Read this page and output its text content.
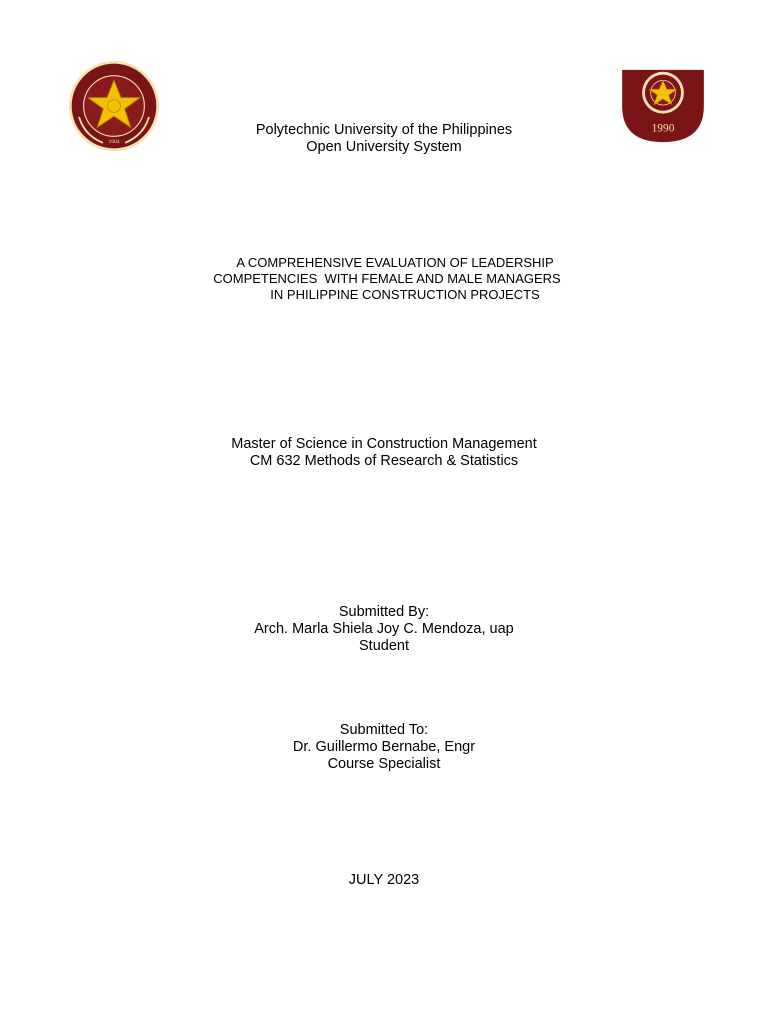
1904
1990
Polytechnic University of the Philippines
Open University System
A COMPREHENSIVE EVALUATION OF LEADERSHIP
COMPETENCIES  WITH FEMALE AND MALE MANAGERS
IN PHILIPPINE CONSTRUCTION PROJECTS
Master of Science in Construction Management
CM 632 Methods of Research & Statistics
Submitted By:
Arch. Marla Shiela Joy C. Mendoza, uap
Student
Submitted To:
Dr. Guillermo Bernabe, Engr
Course Specialist
JULY 2023
